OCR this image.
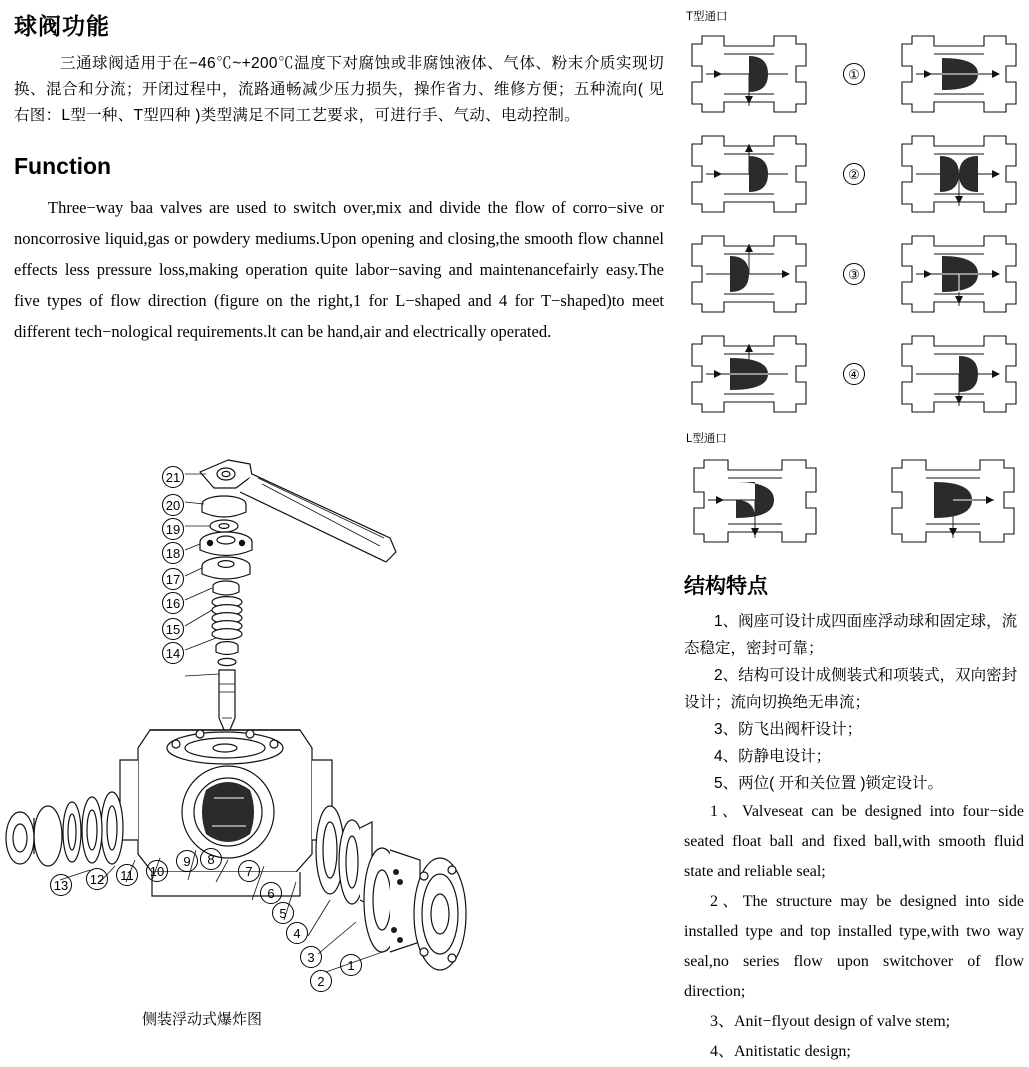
球阀功能

三通球阀适用于在−46℃~+200℃温度下对腐蚀或非腐蚀液体、气体、粉末介质实现切换、混合和分流；开闭过程中，流路通畅减少压力损失，操作省力、维修方便；五种流向( 见右图：L型一种、T型四种 )类型满足不同工艺要求，可进行手、气动、电动控制。

Function

Three−way baa valves are used to switch over,mix and divide the flow of corro−sive or noncorrosive liquid,gas or powdery mediums.Upon opening and closing,the smooth flow channel effects less pressure loss,making operation quite labor−saving and maintenancefairly easy.The five types of flow direction (figure on the right,1 for L−shaped and 4 for T−shaped)to meet different tech−nological requirements.lt can be hand,air and electrically operated.

21
20
19
18
17
16
15
14
13 12	11	10
9	8
7
6
5
4
3
2
1
侧装浮动式爆炸图
T型通口
①
②
③
④
L型通口
结构特点

1、阀座可设计成四面座浮动球和固定球，流态稳定，密封可靠；

2、结构可设计成侧装式和项装式，双向密封设计；流向切换绝无串流；

3、防飞出阀杆设计；

4、防静电设计；

5、两位( 开和关位置 )锁定设计。

1、Valveseat can be designed into four−side seated float ball and fixed ball,with smooth fluid state and reliable seal;

2、The structure may be designed into side installed type and top installed type,with two way seal,no series flow upon switchover of flow direction;

3、Anit−flyout design of valve stem;

4、Anitistatic design;
